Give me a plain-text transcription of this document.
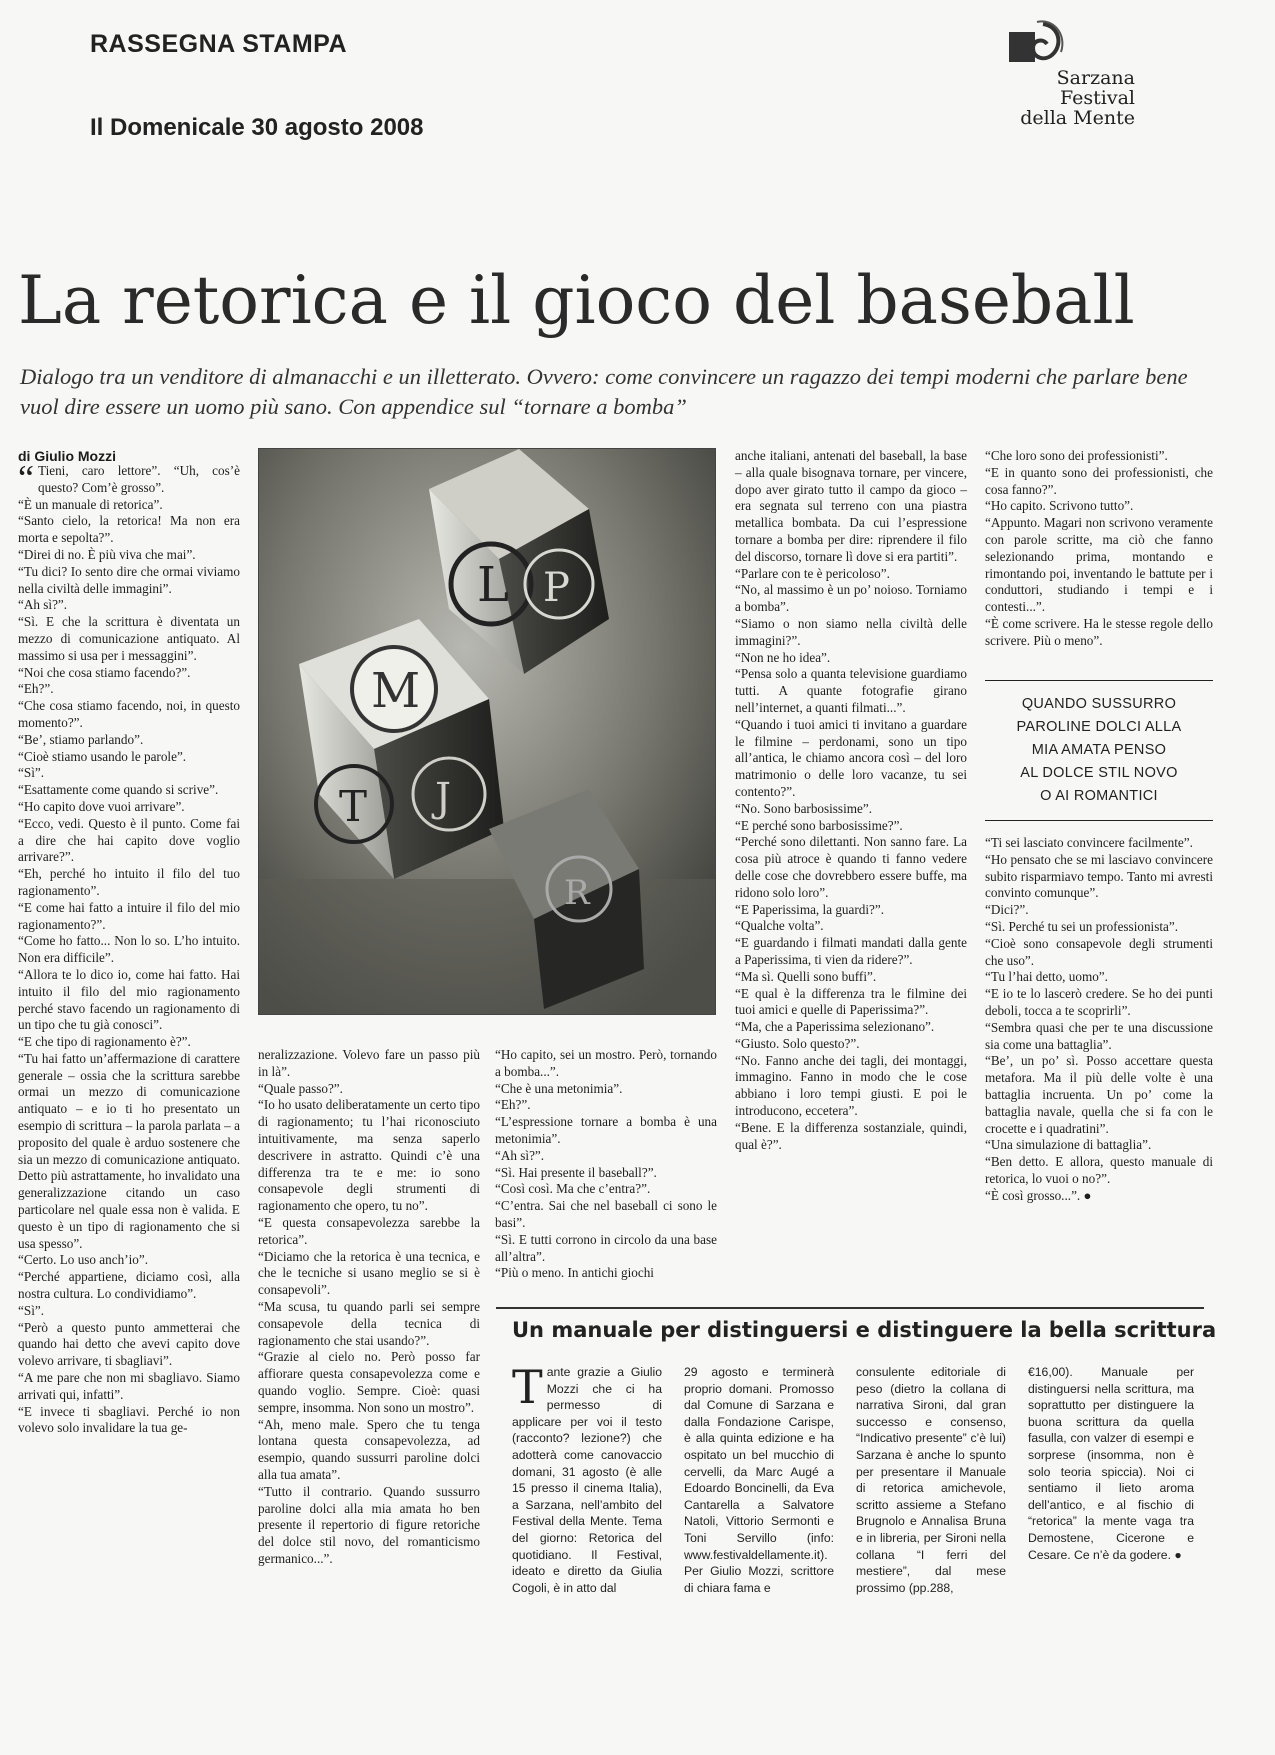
RASSEGNA STAMPA
Il Domenicale 30 agosto 2008
Sarzana
Festival
della Mente
La retorica e il gioco del baseball
Dialogo tra un venditore di almanacchi e un illetterato. Ovvero: come convincere un ragazzo dei tempi moderni che parlare bene vuol dire essere un uomo più sano. Con appendice sul “tornare a bomba”
di Giulio Mozzi
“ Tieni, caro lettore”. “Uh, cos’è questo? Com’è grosso”.

“È un manuale di retorica”.

“Santo cielo, la retorica! Ma non era morta e sepolta?”.

“Direi di no. È più viva che mai”.

“Tu dici? Io sento dire che ormai viviamo nella civiltà delle immagini”.

“Ah sì?”.

“Sì. E che la scrittura è diventata un mezzo di comunicazione antiquato. Al massimo si usa per i messaggini”.

“Noi che cosa stiamo facendo?”.

“Eh?”.

“Che cosa stiamo facendo, noi, in questo momento?”.

“Be’, stiamo parlando”.

“Cioè stiamo usando le parole”.

“Sì”.

“Esattamente come quando si scrive”.

“Ho capito dove vuoi arrivare”.

“Ecco, vedi. Questo è il punto. Come fai a dire che hai capito dove voglio arrivare?”.

“Eh, perché ho intuito il filo del tuo ragionamento”.

“E come hai fatto a intuire il filo del mio ragionamento?”.

“Come ho fatto... Non lo so. L’ho intuito. Non era difficile”.

“Allora te lo dico io, come hai fatto. Hai intuito il filo del mio ragionamento perché stavo facendo un ragionamento di un tipo che tu già conosci”.

“E che tipo di ragionamento è?”.

“Tu hai fatto un’affermazione di carattere generale – ossia che la scrittura sarebbe ormai un mezzo di comunicazione antiquato – e io ti ho presentato un esempio di scrittura – la parola parlata – a proposito del quale è arduo sostenere che sia un mezzo di comunicazione antiquato. Detto più astrattamente, ho invalidato una generalizzazione citando un caso particolare nel quale essa non è valida. E questo è un tipo di ragionamento che si usa spesso”.

“Certo. Lo uso anch’io”.

“Perché appartiene, diciamo così, alla nostra cultura. Lo condividiamo”.

“Sì”.

“Però a questo punto ammetterai che quando hai detto che avevi capito dove volevo arrivare, ti sbagliavi”.

“A me pare che non mi sbagliavo. Siamo arrivati qui, infatti”.

“E invece ti sbagliavi. Perché io non volevo solo invalidare la tua ge-

L P
M
T J
R

neralizzazione. Volevo fare un passo più in là”.

“Quale passo?”.

“Io ho usato deliberatamente un certo tipo di ragionamento; tu l’hai riconosciuto intuitivamente, ma senza saperlo descrivere in astratto. Quindi c’è una differenza tra te e me: io sono consapevole degli strumenti di ragionamento che opero, tu no”.

“E questa consapevolezza sarebbe la retorica”.

“Diciamo che la retorica è una tecnica, e che le tecniche si usano meglio se si è consapevoli”.

“Ma scusa, tu quando parli sei sempre consapevole della tecnica di ragionamento che stai usando?”.

“Grazie al cielo no. Però posso far affiorare questa consapevolezza come e quando voglio. Sempre. Cioè: quasi sempre, insomma. Non sono un mostro”.

“Ah, meno male. Spero che tu tenga lontana questa consapevolezza, ad esempio, quando sussurri paroline dolci alla tua amata”.

“Tutto il contrario. Quando sussurro paroline dolci alla mia amata ho ben presente il repertorio di figure retoriche del dolce stil novo, del romanticismo germanico...”.

“Ho capito, sei un mostro. Però, tornando a bomba...”.

“Che è una metonimia”.

“Eh?”.

“L’espressione tornare a bomba è una metonimia”.

“Ah sì?”.

“Sì. Hai presente il baseball?”.

“Così così. Ma che c’entra?”.

“C’entra. Sai che nel baseball ci sono le basi”.

“Sì. E tutti corrono in circolo da una base all’altra”.

“Più o meno. In antichi giochi

anche italiani, antenati del baseball, la base – alla quale bisognava tornare, per vincere, dopo aver girato tutto il campo da gioco – era segnata sul terreno con una piastra metallica bombata. Da cui l’espressione tornare a bomba per dire: riprendere il filo del discorso, tornare lì dove si era partiti”.

“Parlare con te è pericoloso”.

“No, al massimo è un po’ noioso. Torniamo a bomba”.

“Siamo o non siamo nella civiltà delle immagini?”.

“Non ne ho idea”.

“Pensa solo a quanta televisione guardiamo tutti. A quante fotografie girano nell’internet, a quanti filmati...”.

“Quando i tuoi amici ti invitano a guardare le filmine – perdonami, sono un tipo all’antica, le chiamo ancora così – del loro matrimonio o delle loro vacanze, tu sei contento?”.

“No. Sono barbosissime”.

“E perché sono barbosissime?”.

“Perché sono dilettanti. Non sanno fare. La cosa più atroce è quando ti fanno vedere delle cose che dovrebbero essere buffe, ma ridono solo loro”.

“E Paperissima, la guardi?”.

“Qualche volta”.

“E guardando i filmati mandati dalla gente a Paperissima, ti vien da ridere?”.

“Ma sì. Quelli sono buffi”.

“E qual è la differenza tra le filmine dei tuoi amici e quelle di Paperissima?”.

“Ma, che a Paperissima selezionano”.

“Giusto. Solo questo?”.

“No. Fanno anche dei tagli, dei montaggi, immagino. Fanno in modo che le cose abbiano i loro tempi giusti. E poi le introducono, eccetera”.

“Bene. E la differenza sostanziale, quindi, qual è?”.

“Che loro sono dei professionisti”.

“E in quanto sono dei professionisti, che cosa fanno?”.

“Ho capito. Scrivono tutto”.

“Appunto. Magari non scrivono veramente con parole scritte, ma ciò che fanno selezionando prima, montando e rimontando poi, inventando le battute per i conduttori, studiando i tempi e i contesti...”.

“È come scrivere. Ha le stesse regole dello scrivere. Più o meno”.

QUANDO SUSSURRO
PAROLINE DOLCI ALLA
MIA AMATA PENSO
AL DOLCE STIL NOVO
O AI ROMANTICI

“Ti sei lasciato convincere facilmente”.

“Ho pensato che se mi lasciavo convincere subito risparmiavo tempo. Tanto mi avresti convinto comunque”.

“Dici?”.

“Sì. Perché tu sei un professionista”.

“Cioè sono consapevole degli strumenti che uso”.

“Tu l’hai detto, uomo”.

“E io te lo lascerò credere. Se ho dei punti deboli, tocca a te scoprirli”.

“Sembra quasi che per te una discussione sia come una battaglia”.

“Be’, un po’ sì. Posso accettare questa metafora. Ma il più delle volte è una battaglia incruenta. Un po’ come la battaglia navale, quella che si fa con le crocette e i quadratini”.

“Una simulazione di battaglia”.

“Ben detto. E allora, questo manuale di retorica, lo vuoi o no?”.

“È così grosso...”. ●

Un manuale per distinguersi e distinguere la bella scrittura
T ante grazie a Giulio Mozzi che ci ha permesso di applicare per voi il testo (racconto? lezione?) che adotterà come canovaccio domani, 31 agosto (è alle 15 presso il cinema Italia), a Sarzana, nell’ambito del Festival della Mente. Tema del giorno: Retorica del quotidiano. Il Festival, ideato e diretto da Giulia Cogoli, è in atto dal
29 agosto e terminerà proprio domani. Promosso dal Comune di Sarzana e dalla Fondazione Carispe, è alla quinta edizione e ha ospitato un bel mucchio di cervelli, da Marc Augé a Edoardo Boncinelli, da Eva Cantarella a Salvatore Natoli, Vittorio Sermonti e Toni Servillo (info: www.festivaldellamente.it). Per Giulio Mozzi, scrittore di chiara fama e
consulente editoriale di peso (dietro la collana di narrativa Sironi, dal gran successo e consenso, “Indicativo presente” c’è lui) Sarzana è anche lo spunto per presentare il Manuale di retorica amichevole, scritto assieme a Stefano Brugnolo e Annalisa Bruna e in libreria, per Sironi nella collana “I ferri del mestiere”, dal mese prossimo (pp.288,
€16,00). Manuale per distinguersi nella scrittura, ma soprattutto per distinguere la buona scrittura da quella fasulla, con valzer di esempi e sorprese (insomma, non è solo teoria spiccia). Noi ci sentiamo il lieto aroma dell’antico, e al fischio di “retorica” la mente vaga tra Demostene, Cicerone e Cesare. Ce n’è da godere. ●
